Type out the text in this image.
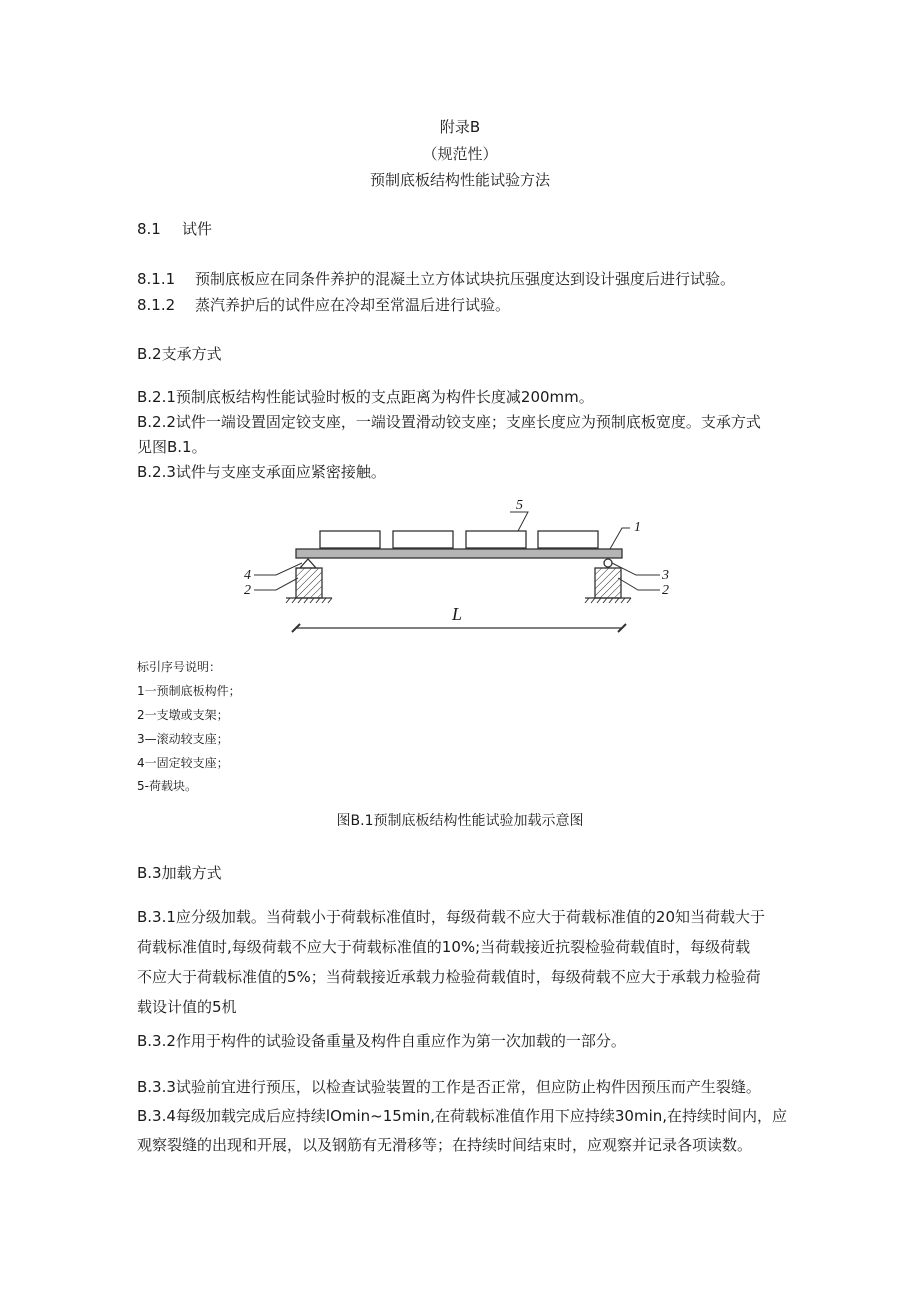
附录B
（规范性）
预制底板结构性能试验方法
8.1 试件
8.1.1 预制底板应在同条件养护的混凝土立方体试块抗压强度达到设计强度后进行试验。
8.1.2 蒸汽养护后的试件应在冷却至常温后进行试验。
B.2支承方式
B.2.1预制底板结构性能试验时板的支点距离为构件长度减200mm。
B.2.2试件一端设置固定铰支座，一端设置滑动铰支座；支座长度应为预制底板宽度。支承方式
见图B.1。
B.2.3试件与支座支承面应紧密接触。
5
1
4
2
3
2
L
标引序号说明：
1一预制底板构件；
2一支墩或支架；
3—滚动较支座；
4一固定较支座；
5-荷载块。
图B.1预制底板结构性能试验加载示意图
B.3加载方式
B.3.1应分级加载。当荷载小于荷载标准值时，每级荷载不应大于荷载标准值的20知当荷载大于
荷载标准值时,每级荷载不应大于荷载标准值的10%;当荷载接近抗裂检验荷载值时，每级荷载
不应大于荷载标准值的5%；当荷载接近承载力检验荷载值时，每级荷载不应大于承载力检验荷
载设计值的5机
B.3.2作用于构件的试验设备重量及构件自重应作为第一次加载的一部分。
B.3.3试验前宜进行预压，以检查试验装置的工作是否正常，但应防止构件因预压而产生裂缝。
B.3.4每级加载完成后应持续lOmin~15min,在荷载标准值作用下应持续30min,在持续时间内，应
观察裂缝的出现和开展，以及钢筋有无滑移等；在持续时间结束时，应观察并记录各项读数。
